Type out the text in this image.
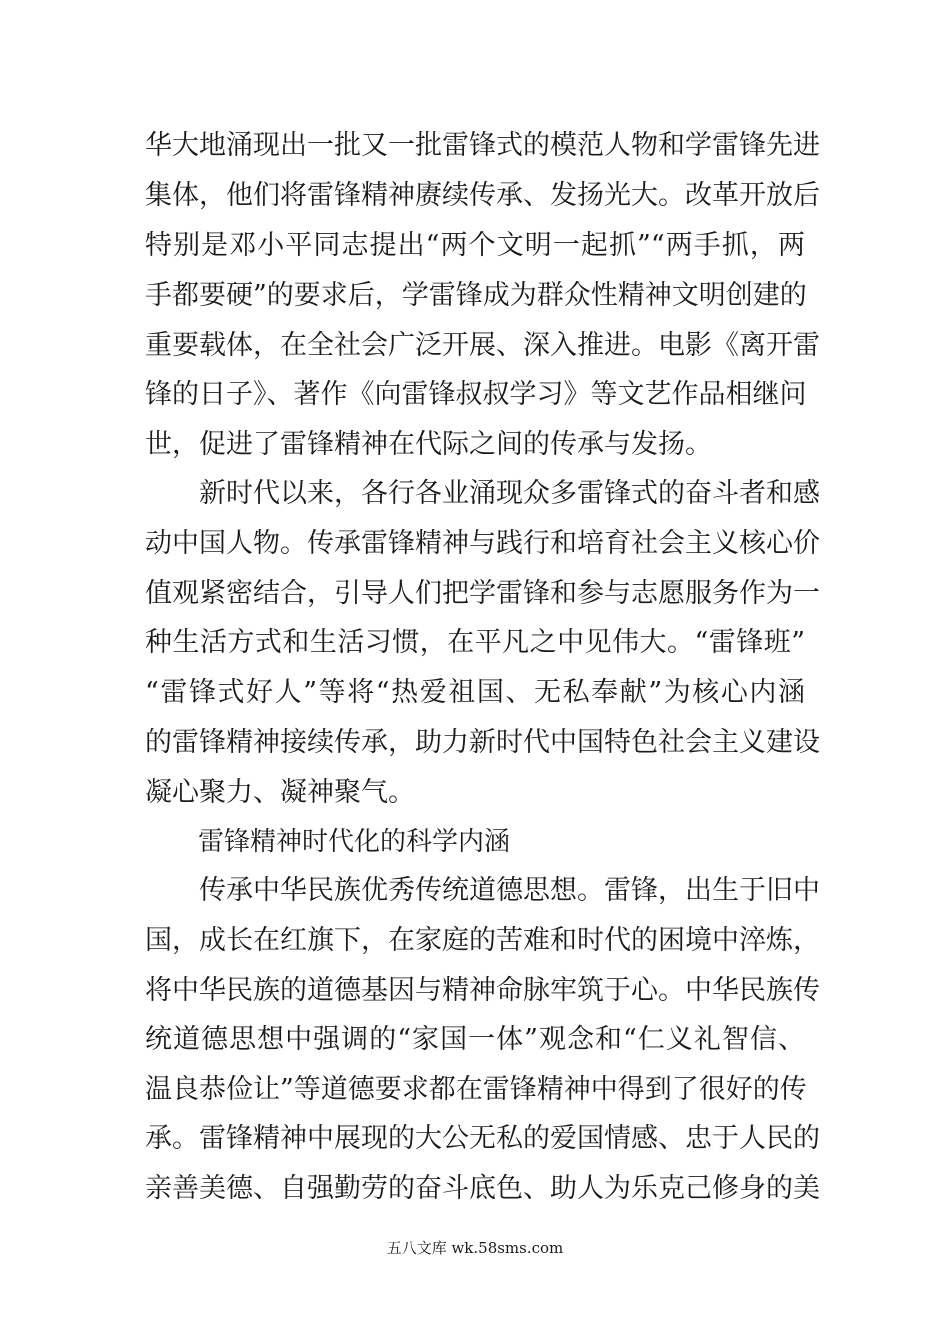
华大地涌现出一批又一批雷锋式的模范人物和学雷锋先进
集体，他们将雷锋精神赓续传承、发扬光大。改革开放后
特别是邓小平同志提出“两个文明一起抓”“两手抓，两
手都要硬”的要求后，学雷锋成为群众性精神文明创建的
重要载体，在全社会广泛开展、深入推进。电影《离开雷
锋的日子》、著作《向雷锋叔叔学习》等文艺作品相继问
世，促进了雷锋精神在代际之间的传承与发扬。
　　新时代以来，各行各业涌现众多雷锋式的奋斗者和感
动中国人物。传承雷锋精神与践行和培育社会主义核心价
值观紧密结合，引导人们把学雷锋和参与志愿服务作为一
种生活方式和生活习惯，在平凡之中见伟大。“雷锋班”
“雷锋式好人”等将“热爱祖国、无私奉献”为核心内涵
的雷锋精神接续传承，助力新时代中国特色社会主义建设
凝心聚力、凝神聚气。
雷锋精神时代化的科学内涵
　　传承中华民族优秀传统道德思想。雷锋，出生于旧中
国，成长在红旗下，在家庭的苦难和时代的困境中淬炼，
将中华民族的道德基因与精神命脉牢筑于心。中华民族传
统道德思想中强调的“家国一体”观念和“仁义礼智信、
温良恭俭让”等道德要求都在雷锋精神中得到了很好的传
承。雷锋精神中展现的大公无私的爱国情感、忠于人民的
亲善美德、自强勤劳的奋斗底色、助人为乐克己修身的美
五八文库 wk.58sms.com
